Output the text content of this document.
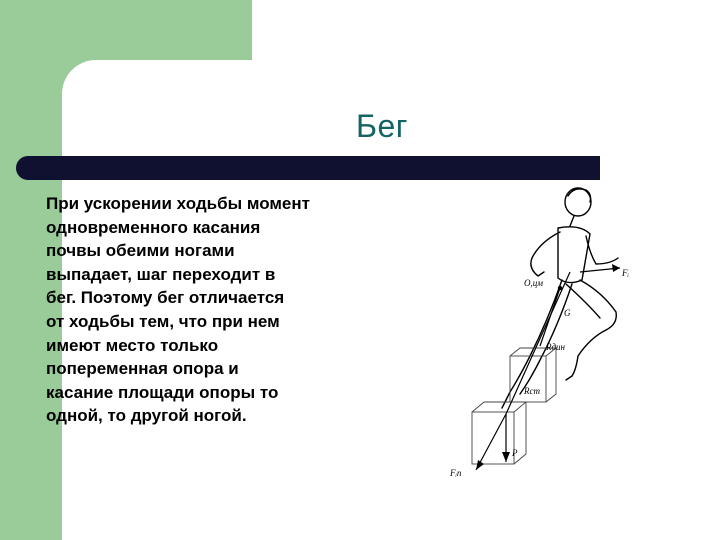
Бег
При ускорении ходьбы момент
одновременного касания
почвы обеими ногами
выпадает, шаг переходит в
бег. Поэтому бег отличается
от ходьбы тем, что при нем
имеют место только
попеременная опора и
касание площади опоры то
одной, то другой ногой.
Fᵢ
O,цм
G
Rдин
Rст
P
Fᵢп
